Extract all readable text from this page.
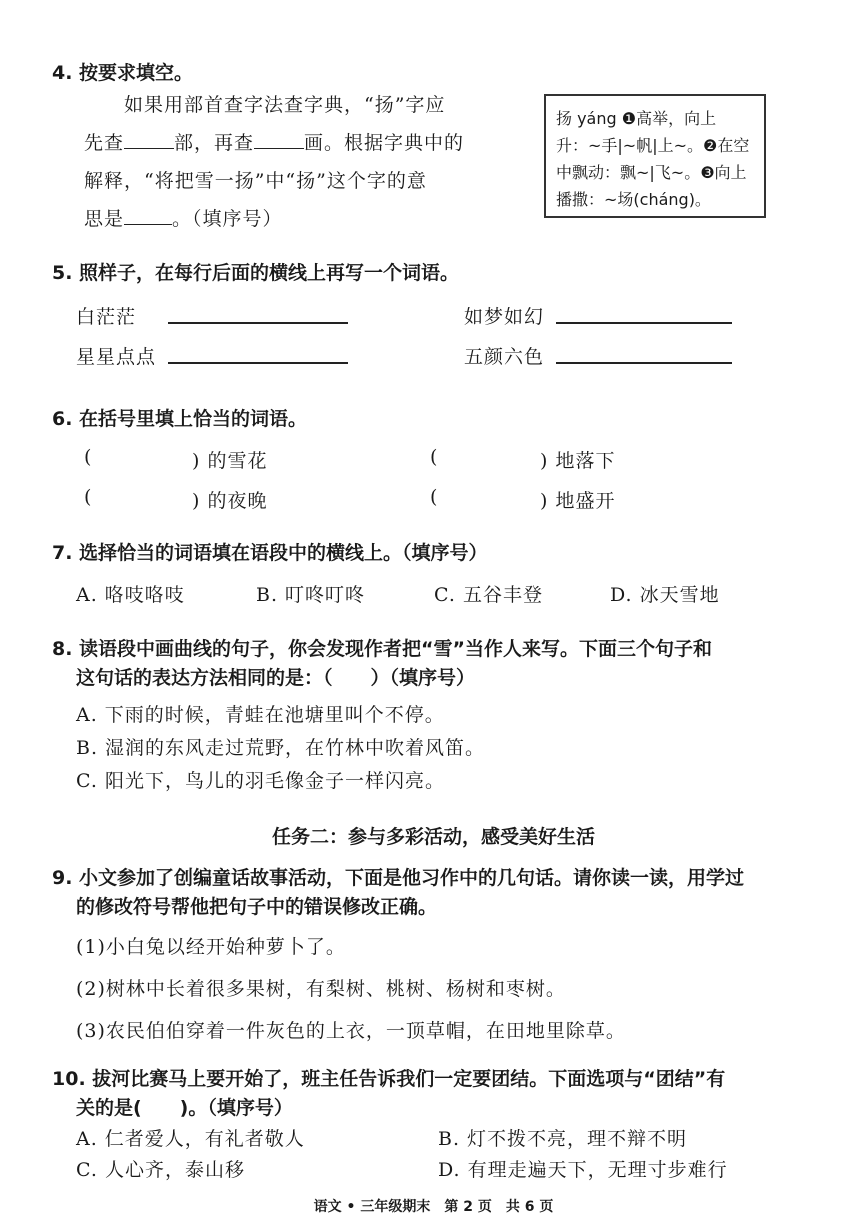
4. 按要求填空。
如果用部首查字法查字典，“扬”字应
先查	部，再查	画。根据字典中的
解释，“将把雪一扬”中“扬”这个字的意
思是	。（填序号）
扬 yáng ❶高举，向上
升：~手|~帆|上~。❷在空
中飘动：飘~|飞~。❸向上
播撒：~场(cháng)。
5. 照样子，在每行后面的横线上再写一个词语。
白茫茫	如梦如幻
星星点点	五颜六色
6. 在括号里填上恰当的词语。
(	) 的雪花	(	) 地落下
(	) 的夜晚	(	) 地盛开
7. 选择恰当的词语填在语段中的横线上。（填序号）
A. 咯吱咯吱	B. 叮咚叮咚	C. 五谷丰登	D. 冰天雪地
8. 读语段中画曲线的句子，你会发现作者把“雪”当作人来写。下面三个句子和
这句话的表达方法相同的是：（　　）（填序号）
A. 下雨的时候，青蛙在池塘里叫个不停。
B. 湿润的东风走过荒野，在竹林中吹着风笛。
C. 阳光下，鸟儿的羽毛像金子一样闪亮。
任务二：参与多彩活动，感受美好生活
9. 小文参加了创编童话故事活动，下面是他习作中的几句话。请你读一读，用学过
的修改符号帮他把句子中的错误修改正确。
(1)小白兔以经开始种萝卜了。
(2)树林中长着很多果树，有梨树、桃树、杨树和枣树。
(3)农民伯伯穿着一件灰色的上衣，一顶草帽，在田地里除草。
10. 拔河比赛马上要开始了，班主任告诉我们一定要团结。下面选项与“团结”有
关的是(　　)。（填序号）
A. 仁者爱人，有礼者敬人	B. 灯不拨不亮，理不辩不明
C. 人心齐，泰山移	D. 有理走遍天下，无理寸步难行
语文 • 三年级期末　第 2 页　共 6 页
